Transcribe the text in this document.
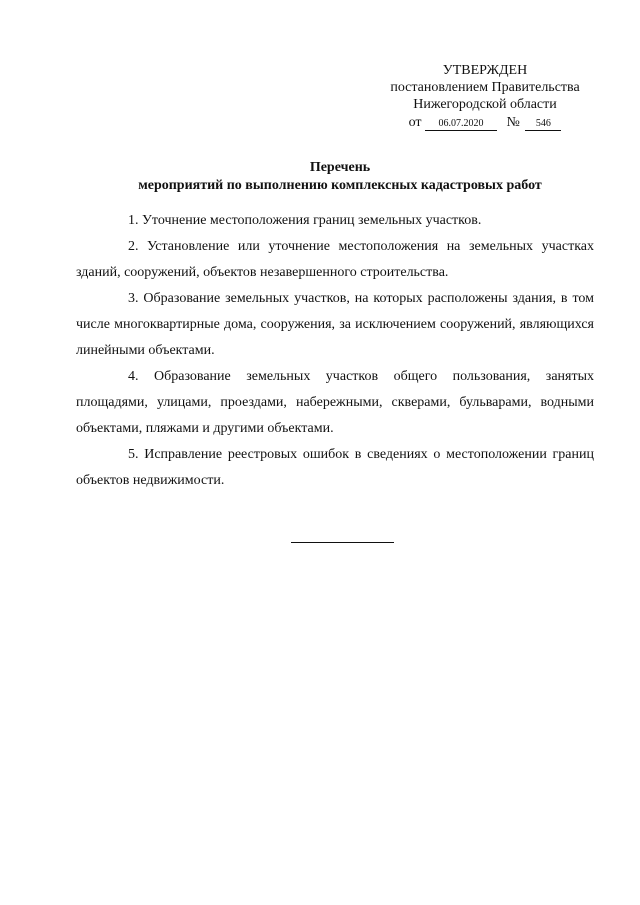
УТВЕРЖДЕН
постановлением Правительства
Нижегородской области
от 06.07.2020 № 546
Перечень
мероприятий по выполнению комплексных кадастровых работ

1. Уточнение местоположения границ земельных участков.

2. Установление или уточнение местоположения на земельных участках зданий, сооружений, объектов незавершенного строительства.

3. Образование земельных участков, на которых расположены здания, в том числе многоквартирные дома, сооружения, за исключением сооружений, являющихся линейными объектами.

4. Образование земельных участков общего пользования, занятых площадями, улицами, проездами, набережными, скверами, бульварами, водными объектами, пляжами и другими объектами.

5. Исправление реестровых ошибок в сведениях о местоположении границ объектов недвижимости.
